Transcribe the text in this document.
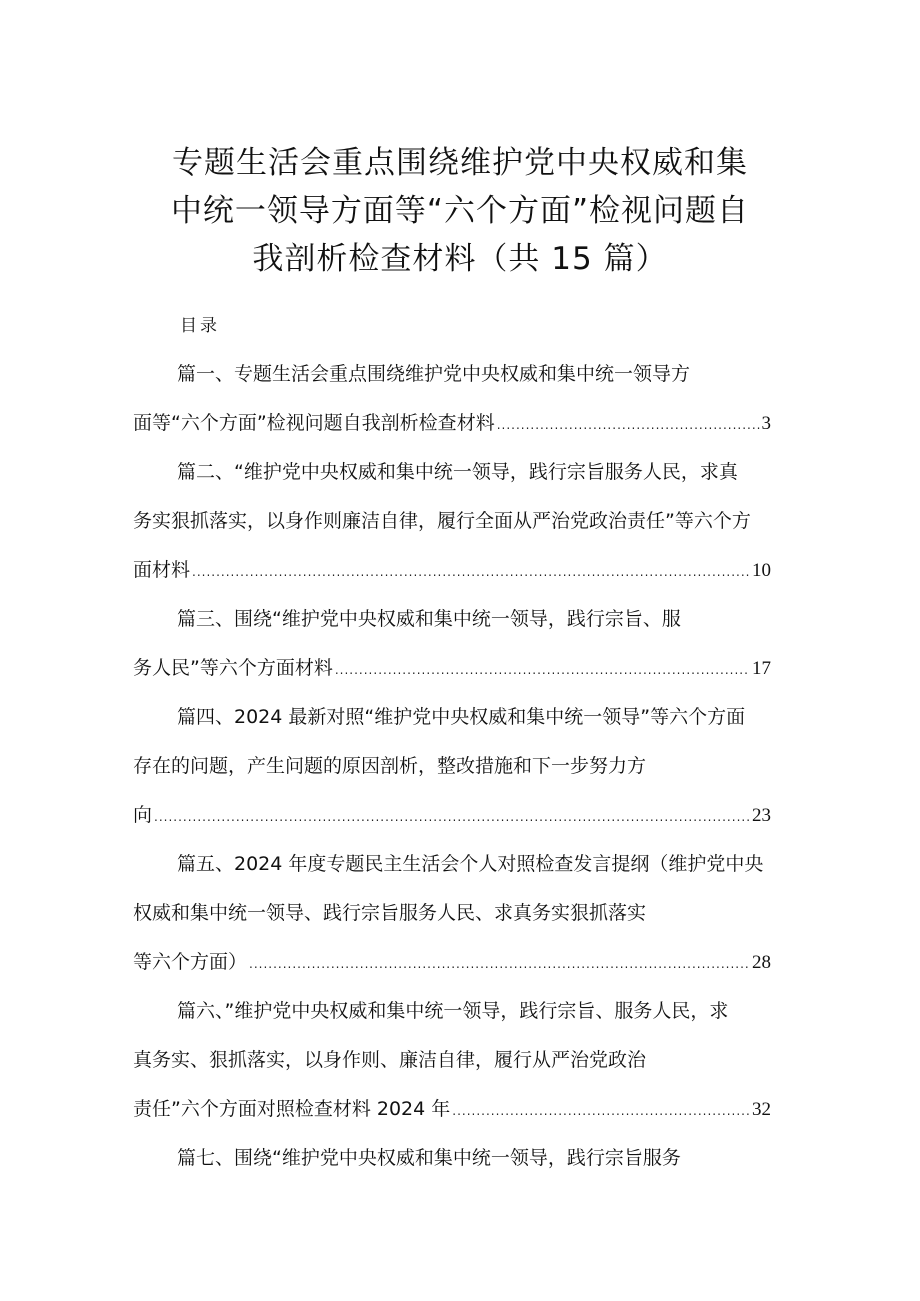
专题生活会重点围绕维护党中央权威和集
中统一领导方面等“六个方面”检视问题自
我剖析检查材料（共 15 篇）
目录
篇一、专题生活会重点围绕维护党中央权威和集中统一领导方
面等“六个方面”检视问题自我剖析检查材料 .....	3
篇二、“维护党中央权威和集中统一领导，践行宗旨服务人民，求真
务实狠抓落实，以身作则廉洁自律，履行全面从严治党政治责任”等六个方
面材料 .....	10
篇三、围绕“维护党中央权威和集中统一领导，践行宗旨、服
务人民”等六个方面材料 .....	17
篇四、2024 最新对照“维护党中央权威和集中统一领导”等六个方面
存在的问题，产生问题的原因剖析，整改措施和下一步努力方
向 .....	23
篇五、2024 年度专题民主生活会个人对照检查发言提纲（维护党中央
权威和集中统一领导、践行宗旨服务人民、求真务实狠抓落实
等六个方面） .....	28
篇六、”维护党中央权威和集中统一领导，践行宗旨、服务人民，求
真务实、狠抓落实，以身作则、廉洁自律，履行从严治党政治
责任”六个方面对照检查材料 2024 年 .....	32
篇七、围绕“维护党中央权威和集中统一领导，践行宗旨服务
